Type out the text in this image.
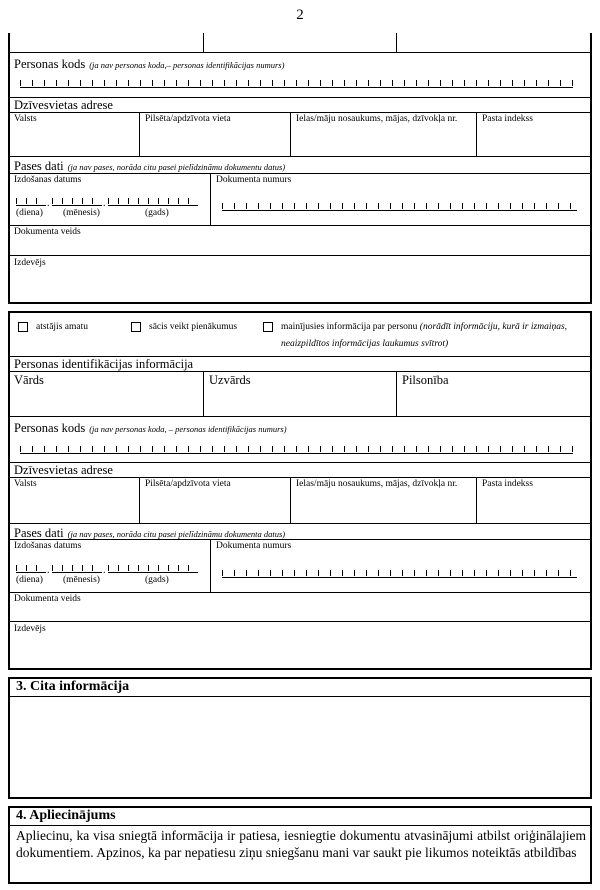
2
Personas kods (ja nav personas koda,– personas identifikācijas numurs)
Dzīvesvietas adrese
Valsts	Pilsēta/apdzīvota vieta	Ielas/māju nosaukums, mājas, dzīvokļa nr.	Pasta indekss
Pases dati (ja nav pases, norāda citu pasei pielīdzināmu dokumentu datus)
Izdošanas datums
.	.
(diena) (mēnesis)	(gads)
Dokumenta numurs
Dokumenta veids
Izdevējs
atstājis amatu	sācis veikt pienākumus	mainījusies informācija par personu (norādīt informāciju, kurā ir izmaiņas,
neaizpildītos informācijas laukumus svītrot)
Personas identifikācijas informācija
Vārds	Uzvārds	Pilsonība
Personas kods (ja nav personas koda, – personas identifikācijas numurs)
Dzīvesvietas adrese
Valsts	Pilsēta/apdzīvota vieta	Ielas/māju nosaukums, mājas, dzīvokļa nr.	Pasta indekss
Pases dati (ja nav pases, norāda citu pasei pielīdzināmu dokumenta datus)
Izdošanas datums
.	.
(diena) (mēnesis)	(gads)
Dokumenta numurs
Dokumenta veids
Izdevējs
3. Cita informācija
4. Apliecinājums
Apliecinu, ka visa sniegtā informācija ir patiesa, iesniegtie dokumentu atvasinājumi atbilst oriģinālajiem dokumentiem. Apzinos, ka par nepatiesu ziņu sniegšanu mani var saukt pie likumos noteiktās atbildības
